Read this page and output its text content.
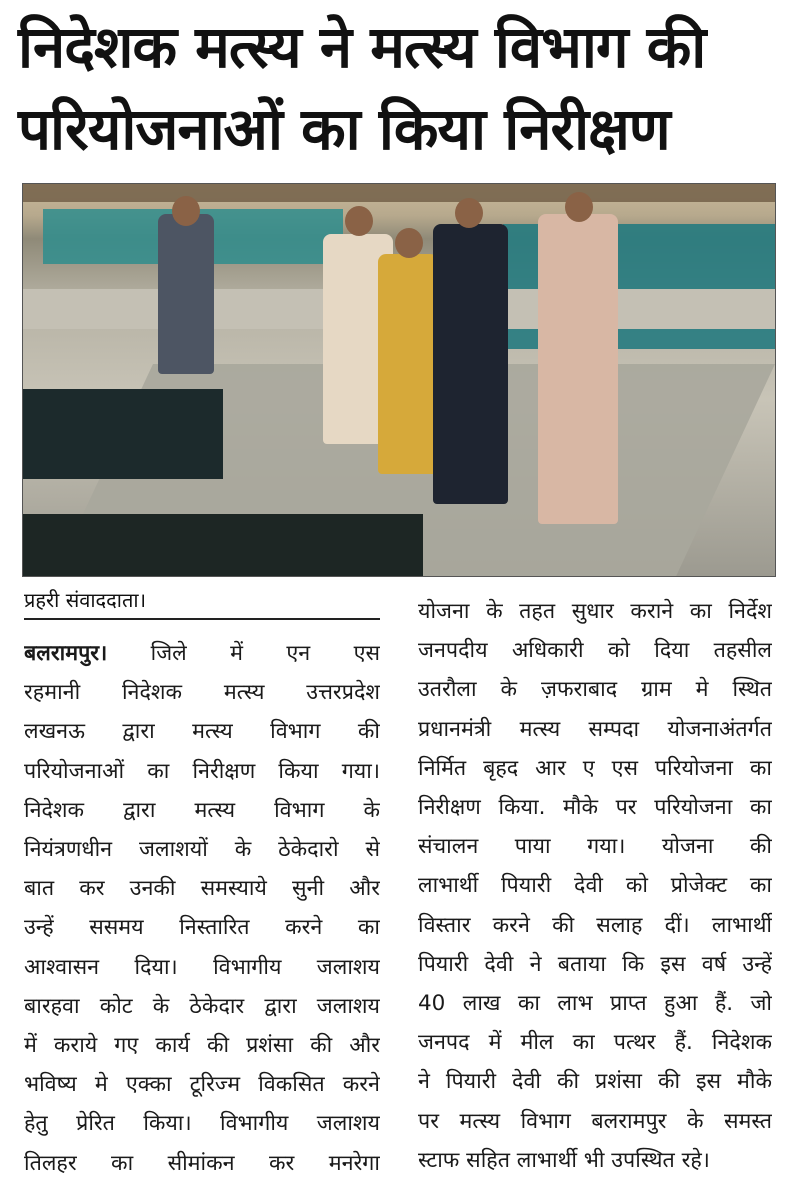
निदेशक मत्स्य ने मत्स्य विभाग की
परियोजनाओं का किया निरीक्षण
प्रहरी संवाददाता।
बलरामपुर। जिले में एन एस
रहमानी निदेशक मत्स्य उत्तरप्रदेश
लखनऊ द्वारा मत्स्य विभाग की
परियोजनाओं का निरीक्षण किया गया।
निदेशक द्वारा मत्स्य विभाग के
नियंत्रणधीन जलाशयों के ठेकेदारो से
बात कर उनकी समस्याये सुनी और
उन्हें ससमय निस्तारित करने का
आश्वासन दिया। विभागीय जलाशय
बारहवा कोट के ठेकेदार द्वारा जलाशय
में कराये गए कार्य की प्रशंसा की और
भविष्य मे एक्का टूरिज्म विकसित करने
हेतु प्रेरित किया। विभागीय जलाशय
तिलहर का सीमांकन कर मनरेगा
योजना के तहत सुधार कराने का निर्देश
जनपदीय अधिकारी को दिया तहसील
उतरौला के ज़फराबाद ग्राम मे स्थित
प्रधानमंत्री मत्स्य सम्पदा योजनाअंतर्गत
निर्मित बृहद आर ए एस परियोजना का
निरीक्षण किया. मौके पर परियोजना का
संचालन पाया गया। योजना की
लाभार्थी पियारी देवी को प्रोजेक्ट का
विस्तार करने की सलाह दीं। लाभार्थी
पियारी देवी ने बताया कि इस वर्ष उन्हें
40 लाख का लाभ प्राप्त हुआ हैं. जो
जनपद में मील का पत्थर हैं. निदेशक
ने पियारी देवी की प्रशंसा की इस मौके
पर मत्स्य विभाग बलरामपुर के समस्त
स्टाफ सहित लाभार्थी भी उपस्थित रहे।
